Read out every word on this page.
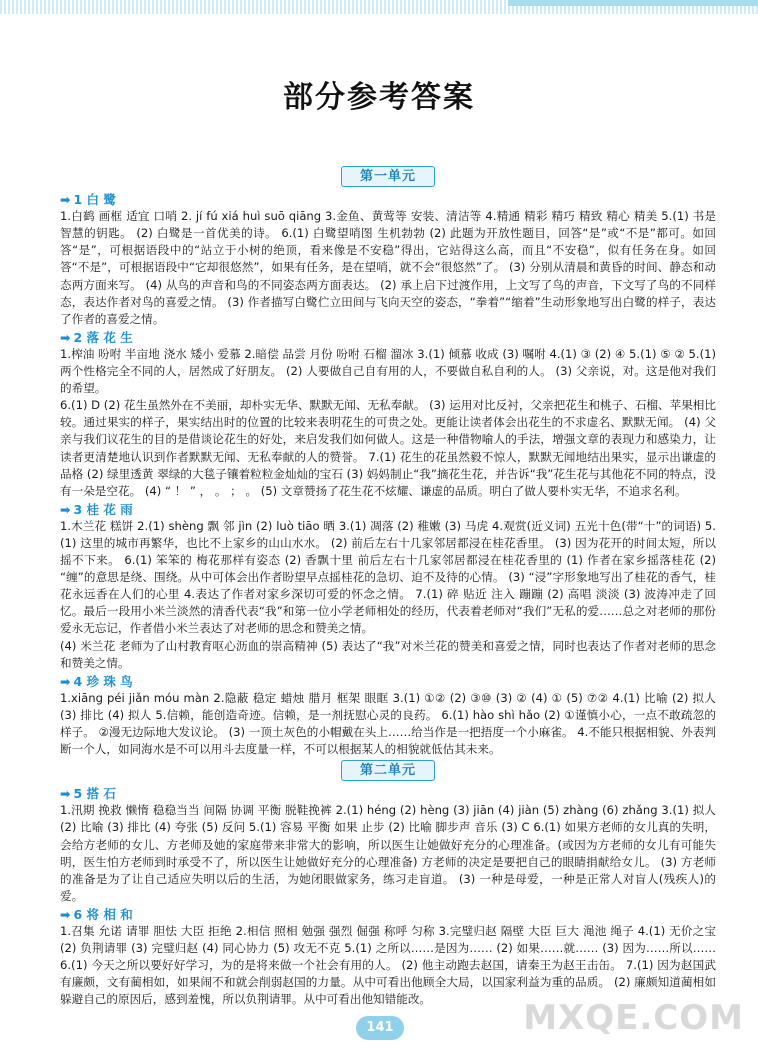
部分参考答案
第一单元
➡ 1 白 鹭

1.白鹤 画框 适宜 口哨 2. jí fú xiá huì suō qiāng 3.金鱼、黄莺等 安装、清洁等 4.精通 精彩 精巧 精致 精心 精美 5.(1) 书是智慧的钥匙。 (2) 白鹭是一首优美的诗。 6.(1) 白鹭望哨图 生机勃勃 (2) 此题为开放性题目，回答“是”或“不是”都可。如回答“是”，可根据语段中的“站立于小树的绝顶，看来像是不安稳”得出，它站得这么高，而且“不安稳”，似有任务在身。如回答“不是”，可根据语段中“它却很悠然”，如果有任务，是在望哨，就不会“很悠然”了。 (3) 分别从清晨和黄昏的时间、静态和动态两方面来写。 (4) 从鸟的声音和鸟的不同姿态两方面表达。 (2) 承上启下过渡作用，上文写了鸟的声音，下文写了鸟的不同样态，表达作者对鸟的喜爱之情。 (3) 作者描写白鹭伫立田间与飞向天空的姿态，“拳着”“缩着”生动形象地写出白鹭的样子，表达了作者的喜爱之情。

➡ 2 落 花 生

1.榨油 吩咐 半亩地 浇水 矮小 爱慕 2.暗偿 品尝 月份 吩咐 石榴 溜冰 3.(1) 倾慕 收成 (3) 嘱咐 4.(1) ③ (2) ④ 5.(1) ⑤ ② 5.(1) 两个性格完全不同的人，居然成了好朋友。 (2) 人要做自己自有用的人，不要做自私自利的人。 (3) 父亲说，对。这是他对我们的希望。

6.(1) D (2) 花生虽然外在不美丽，却朴实无华、默默无闻、无私奉献。 (3) 运用对比反衬，父亲把花生和桃子、石榴、苹果相比较。通过果实的样子，果实结出时的位置的比较来表明花生的可贵之处。更能让读者体会出花生的不求虚名、默默无闻。 (4) 父亲与我们议花生的目的是借谈论花生的好处，来启发我们如何做人。这是一种借物喻人的手法，增强文章的表现力和感染力，让读者更清楚地认识到作者默默无闻、无私奉献的人的赞誉。 7.(1) 花生的花虽然毅不惊人，默默无闻地结出果实，显示出谦虚的品格 (2) 绿里透黄 翠绿的大毯子镶着粒粒金灿灿的宝石 (3) 妈妈制止“我”摘花生花，并告诉“我”花生花与其他花不同的特点，没有一朵是空花。 (4) “ ！ ” ， 。 ； 。 (5) 文章赞扬了花生花不炫耀、谦虚的品质。明白了做人要朴实无华，不追求名利。

➡ 3 桂 花 雨

1.木兰花 糕饼 2.(1) shèng 飘 邻 jìn (2) luò tiāo 晒 3.(1) 凋落 (2) 稚嫩 (3) 马虎 4.观赏(近义词) 五光十色(带“十”的词语) 5.(1) 这里的城市再繁华，也比不上家乡的山山水水。 (2) 前后左右十几家邻居都浸在桂花香里。 (3) 因为花开的时间太短，所以摇不下来。 6.(1) 笨笨的 梅花那样有姿态 (2) 香飘十里 前后左右十几家邻居都浸在桂花香里的 (1) 作者在家乡摇落桂花 (2) “缠”的意思是绕、围绕。从中可体会出作者盼望早点摇桂花的急切、迫不及待的心情。 (3) “浸”字形象地写出了桂花的香气，桂花永远香在人们的心里 4.表达了作者对家乡深切可爱的怀念之情。 7.(1) 碎 贴近 注入 蹦蹦 (2) 高唱 淡淡 (3) 波涛冲走了回忆。最后一段用小米兰淡然的清香代表“我”和第一位小学老师相处的经历，代表着老师对“我们”无私的爱……总之对老师的那份爱永无忘记，作者借小米兰表达了对老师的思念和赞美之情。

(4) 米兰花 老师为了山村教育呕心沥血的崇高精神 (5) 表达了“我”对米兰花的赞美和喜爱之情，同时也表达了作者对老师的思念和赞美之情。

➡ 4 珍 珠 鸟

1.xiāng péi jiǎn móu màn 2.隐蔽 稳定 蜡烛 腊月 框架 眼眶 3.(1) ①② (2) ③⑩ (3) ② (4) ① (5) ⑦② 4.(1) 比喻 (2) 拟人 (3) 排比 (4) 拟人 5.信赖，能创造奇迹。信赖，是一剂抚慰心灵的良药。 6.(1) hào shì hǎo (2) ①谨慎小心，一点不敢疏忽的样子。 ②漫无边际地大发议论。 (3) 一顶土灰色的小帽戴在头上……给当作是一把捂度一个小麻雀。 4.不能只根据相貌、外表判断一个人，如同海水是不可以用斗去度量一样，不可以根据某人的相貌就低估其未来。

第二单元
➡ 5 搭 石

1.汛期 挽救 懒惰 稳稳当当 间隔 协调 平衡 脱鞋挽裤 2.(1) héng (2) hèng (3) jiān (4) jiàn (5) zhàng (6) zhǎng 3.(1) 拟人 (2) 比喻 (3) 排比 (4) 夸张 (5) 反问 5.(1) 容易 平衡 如果 止步 (2) 比喻 脚步声 音乐 (3) C 6.(1) 如果方老师的女儿真的失明，会给方老师的女儿、方老师及她的家庭带来非常大的影响，所以医生让她做好充分的心理准备。(或因为方老师的女儿有可能失明，医生怕方老师到时承受不了，所以医生让她做好充分的心理准备) 方老师的决定是要把自己的眼睛捐献给女儿。 (3) 方老师的准备是为了让自己适应失明以后的生活，为她闭眼做家务，练习走盲道。 (3) 一种是母爱，一种是正常人对盲人(残疾人)的爱。

➡ 6 将 相 和

1.召集 允诺 请罪 胆怯 大臣 拒绝 2.相信 照相 勉强 强烈 倔强 称呼 匀称 3.完璧归赵 隔壁 大臣 巨大 渑池 绳子 4.(1) 无价之宝 (2) 负荆请罪 (3) 完璧归赵 (4) 同心协力 (5) 攻无不克 5.(1) 之所以……是因为…… (2) 如果……就…… (3) 因为……所以…… 6.(1) 今天之所以要好好学习，为的是将来做一个社会有用的人。 (2) 他主动跑去赵国，请秦王为赵王击缶。 7.(1) 因为赵国武有廉颇，文有蔺相如，如果闹不和就会削弱赵国的力量。从中可看出他顾全大局，以国家利益为重的品质。 (2) 廉颇知道蔺相如躲避自己的原因后，感到羞愧，所以负荆请罪。从中可看出他知错能改。

141	MXQE.COM
